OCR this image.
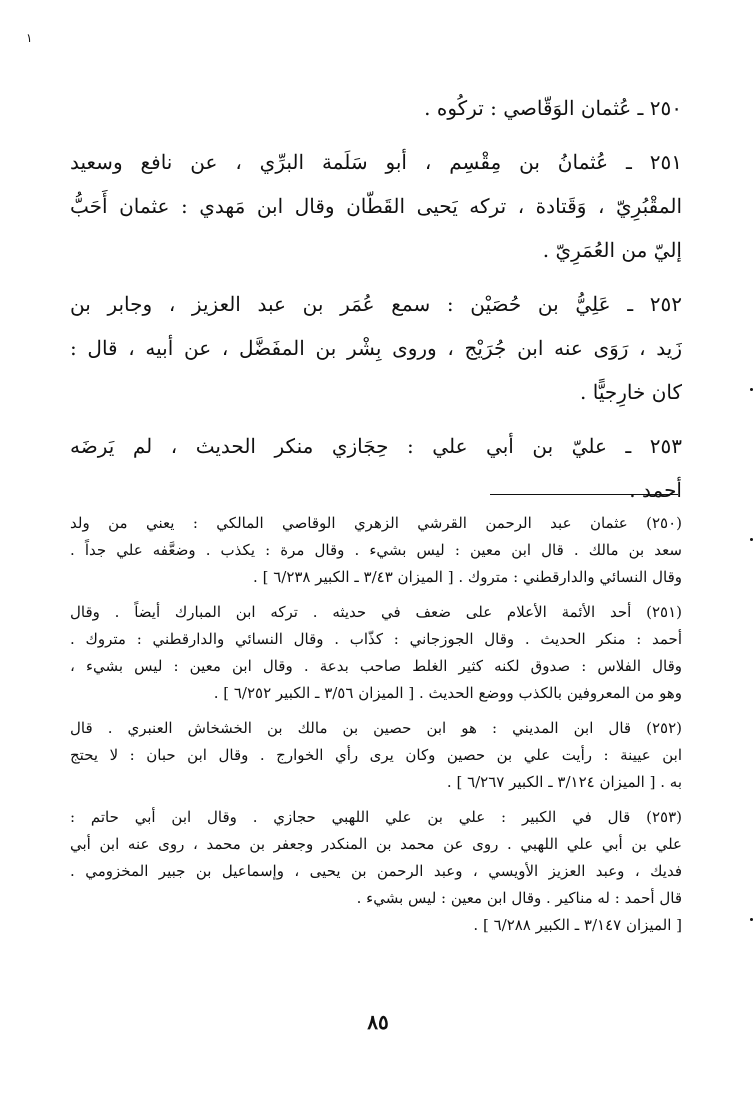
١
٢٥٠ ـ عُثمان الوَقّاصي : تركُوه .
٢٥١ ـ عُثمانُ بن مِقْسِم ، أبو سَلَمة البرِّي ، عن نافع وسعيد
المقْبُرِيّ ، وَقَتادة ، تركه يَحيى القَطّان وقال ابن مَهدي : عثمان أَحَبُّ
إليّ من العُمَرِيّ .
٢٥٢ ـ عَلِيُّ بن حُصَيْن : سمع عُمَر بن عبد العزيز ، وجابر بن
زَيد ، رَوَى عنه ابن جُرَيْج ، وروى بِشْر بن المفَضَّل ، عن أبيه ، قال :
كان خارِجيًّا .
٢٥٣ ـ عليّ بن أبي علي : حِجَازي منكر الحديث ، لم يَرضَه
أحمد .
(٢٥٠) عثمان عبد الرحمن القرشي الزهري الوقاصي المالكي : يعني من ولد
سعد بن مالك . قال ابن معين : ليس بشيء . وقال مرة : يكذب . وضعَّفه علي جداً .
وقال النسائي والدارقطني : متروك . [ الميزان ٣/٤٣ ـ الكبير ٦/٢٣٨ ] .
(٢٥١) أحد الأئمة الأعلام على ضعف في حديثه . تركه ابن المبارك أيضاً . وقال
أحمد : منكر الحديث . وقال الجوزجاني : كذّاب . وقال النسائي والدارقطني : متروك .
وقال الفلاس : صدوق لكنه كثير الغلط صاحب بدعة . وقال ابن معين : ليس بشيء ،
وهو من المعروفين بالكذب ووضع الحديث . [ الميزان ٣/٥٦ ـ الكبير ٦/٢٥٢ ] .
(٢٥٢) قال ابن المديني : هو ابن حصين بن مالك بن الخشخاش العنبري . قال
ابن عيينة : رأيت علي بن حصين وكان يرى رأي الخوارج . وقال ابن حبان : لا يحتج
به . [ الميزان ٣/١٢٤ ـ الكبير ٦/٢٦٧ ] .
(٢٥٣) قال في الكبير : علي بن علي اللهبي حجازي . وقال ابن أبي حاتم :
علي بن أبي علي اللهبي . روى عن محمد بن المنكدر وجعفر بن محمد ، روى عنه ابن أبي
فديك ، وعبد العزيز الأويسي ، وعبد الرحمن بن يحيى ، وإسماعيل بن جبير المخزومي .
قال أحمد : له مناكير . وقال ابن معين : ليس بشيء .
[ الميزان ٣/١٤٧ ـ الكبير ٦/٢٨٨ ] .
٨٥
